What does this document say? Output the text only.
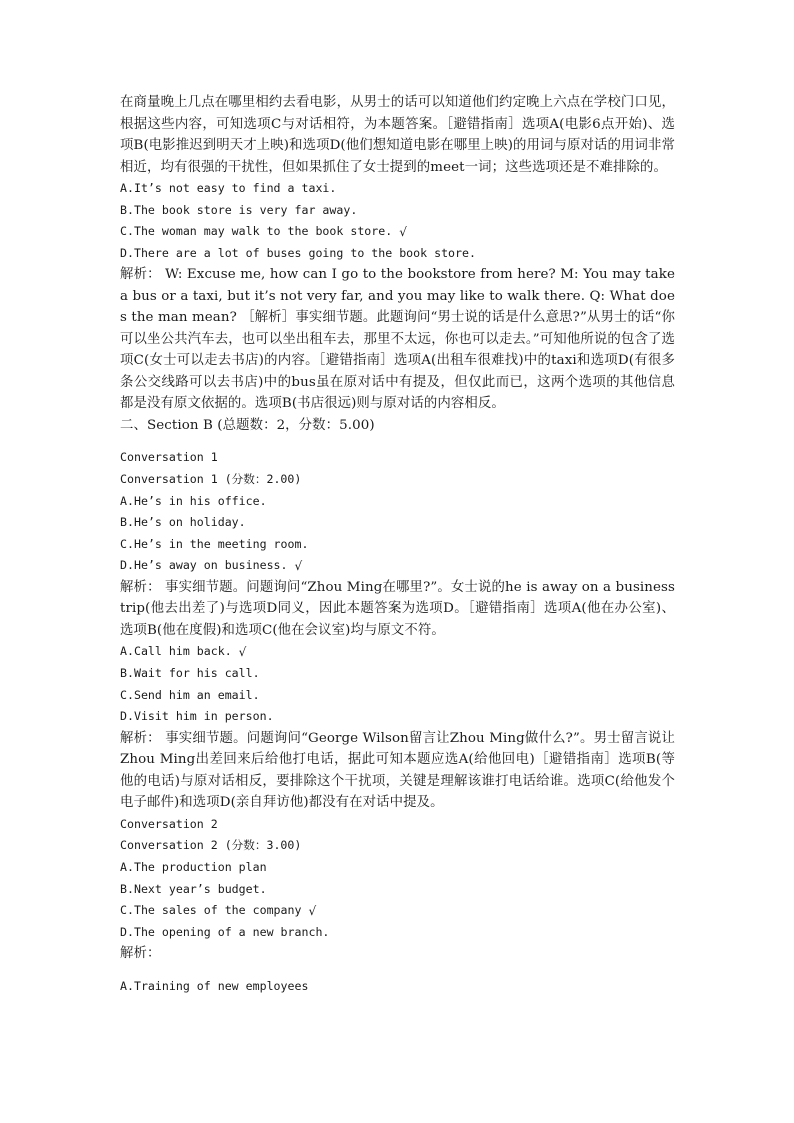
在商量晚上几点在哪里相约去看电影，从男士的话可以知道他们约定晚上六点在学校门口见，根据这些内容，可知选项C与对话相符，为本题答案。［避错指南］选项A(电影6点开始)、选项B(电影推迟到明天才上映)和选项D(他们想知道电影在哪里上映)的用词与原对话的用词非常相近，均有很强的干扰性，但如果抓住了女士提到的meet一词；这些选项还是不难排除的。

A.It’s not easy to find a taxi.

B.The book store is very far away.

C.The woman may walk to the book store. √

D.There are a lot of buses going to the book store.

解析： W: Excuse me, how can I go to the bookstore from here? M: You may take a bus or a taxi, but it’s not very far, and you may like to walk there. Q: What does the man mean? ［解析］事实细节题。此题询问“男士说的话是什么意思?”从男士的话“你可以坐公共汽车去，也可以坐出租车去，那里不太远，你也可以走去。”可知他所说的包含了选项C(女士可以走去书店)的内容。［避错指南］选项A(出租车很难找)中的taxi和选项D(有很多条公交线路可以去书店)中的bus虽在原对话中有提及，但仅此而已，这两个选项的其他信息都是没有原文依据的。选项B(书店很远)则与原对话的内容相反。

二、Section B (总题数：2，分数：5.00)

Conversation 1

Conversation 1 (分数：2.00)

A.He’s in his office.

B.He’s on holiday.

C.He’s in the meeting room.

D.He’s away on business. √

解析： 事实细节题。问题询问“Zhou Ming在哪里?”。女士说的he is away on a business trip(他去出差了)与选项D同义，因此本题答案为选项D。［避错指南］选项A(他在办公室)、选项B(他在度假)和选项C(他在会议室)均与原文不符。

A.Call him back. √

B.Wait for his call.

C.Send him an email.

D.Visit him in person.

解析： 事实细节题。问题询问“George Wilson留言让Zhou Ming做什么?”。男士留言说让Zhou Ming出差回来后给他打电话，据此可知本题应选A(给他回电)［避错指南］选项B(等他的电话)与原对话相反，要排除这个干扰项，关键是理解该谁打电话给谁。选项C(给他发个电子邮件)和选项D(亲自拜访他)都没有在对话中提及。

Conversation 2

Conversation 2 (分数：3.00)

A.The production plan

B.Next year’s budget.

C.The sales of the company √

D.The opening of a new branch.

解析：

A.Training of new employees
